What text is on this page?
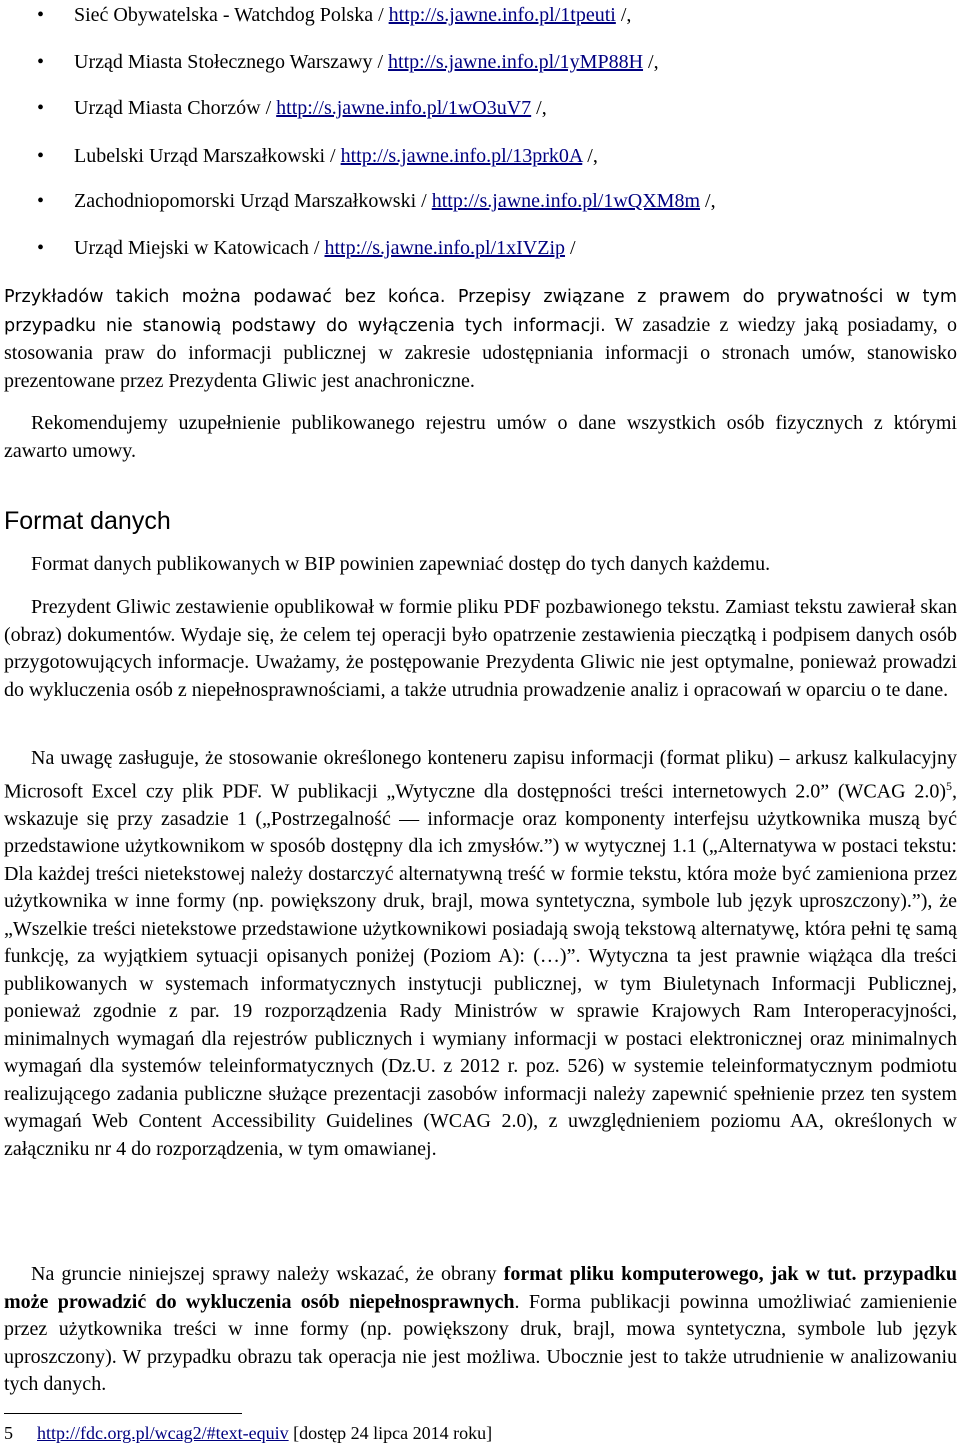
• Sieć Obywatelska - Watchdog Polska / http://s.jawne.info.pl/1tpeuti /,
• Urząd Miasta Stołecznego Warszawy / http://s.jawne.info.pl/1yMP88H /,
• Urząd Miasta Chorzów / http://s.jawne.info.pl/1wO3uV7 /,
• Lubelski Urząd Marszałkowski / http://s.jawne.info.pl/13prk0A /,
• Zachodniopomorski Urząd Marszałkowski / http://s.jawne.info.pl/1wQXM8m /,
• Urząd Miejski w Katowicach / http://s.jawne.info.pl/1xIVZip /

Przykładów takich można podawać bez końca. Przepisy związane z prawem do prywatności w tym przypadku nie stanowią podstawy do wyłączenia tych informacji. W zasadzie z wiedzy jaką posiadamy, o stosowania praw do informacji publicznej w zakresie udostępniania informacji o stronach umów, stanowisko prezentowane przez Prezydenta Gliwic jest anachroniczne.

Rekomendujemy uzupełnienie publikowanego rejestru umów o dane wszystkich osób fizycznych z którymi zawarto umowy.

Format danych

Format danych publikowanych w BIP powinien zapewniać dostęp do tych danych każdemu.

Prezydent Gliwic zestawienie opublikował w formie pliku PDF pozbawionego tekstu. Zamiast tekstu zawierał skan (obraz) dokumentów. Wydaje się, że celem tej operacji było opatrzenie zestawienia pieczątką i podpisem danych osób przygotowujących informacje. Uważamy, że postępowanie Prezydenta Gliwic nie jest optymalne, ponieważ prowadzi do wykluczenia osób z niepełnosprawnościami, a także utrudnia prowadzenie analiz i opracowań w oparciu o te dane.

Na uwagę zasługuje, że stosowanie określonego konteneru zapisu informacji (format pliku) – arkusz kalkulacyjny Microsoft Excel czy plik PDF. W publikacji „Wytyczne dla dostępności treści internetowych 2.0” (WCAG 2.0)$^5$, wskazuje się przy zasadzie 1 („Postrzegalność — informacje oraz komponenty interfejsu użytkownika muszą być przedstawione użytkownikom w sposób dostępny dla ich zmysłów.”) w wytycznej 1.1 („Alternatywa w postaci tekstu: Dla każdej treści nietekstowej należy dostarczyć alternatywną treść w formie tekstu, która może być zamieniona przez użytkownika w inne formy (np. powiększony druk, brajl, mowa syntetyczna, symbole lub język uproszczony).”), że „Wszelkie treści nietekstowe przedstawione użytkownikowi posiadają swoją tekstową alternatywę, która pełni tę samą funkcję, za wyjątkiem sytuacji opisanych poniżej (Poziom A): (…)”. Wytyczna ta jest prawnie wiążąca dla treści publikowanych w systemach informatycznych instytucji publicznej, w tym Biuletynach Informacji Publicznej, ponieważ zgodnie z par. 19 rozporządzenia Rady Ministrów w sprawie Krajowych Ram Interoperacyjności, minimalnych wymagań dla rejestrów publicznych i wymiany informacji w postaci elektronicznej oraz minimalnych wymagań dla systemów teleinformatycznych (Dz.U. z 2012 r. poz. 526) w systemie teleinformatycznym podmiotu realizującego zadania publiczne służące prezentacji zasobów informacji należy zapewnić spełnienie przez ten system wymagań Web Content Accessibility Guidelines (WCAG 2.0), z uwzględnieniem poziomu AA, określonych w załączniku nr 4 do rozporządzenia, w tym omawianej.

Na gruncie niniejszej sprawy należy wskazać, że obrany format pliku komputerowego, jak w tut. przypadku może prowadzić do wykluczenia osób niepełnosprawnych. Forma publikacji powinna umożliwiać zamienienie przez użytkownika treści w inne formy (np. powiększony druk, brajl, mowa syntetyczna, symbole lub język uproszczony). W przypadku obrazu tak operacja nie jest możliwa. Ubocznie jest to także utrudnienie w analizowaniu tych danych.

5 http://fdc.org.pl/wcag2/#text-equiv [dostęp 24 lipca 2014 roku]
